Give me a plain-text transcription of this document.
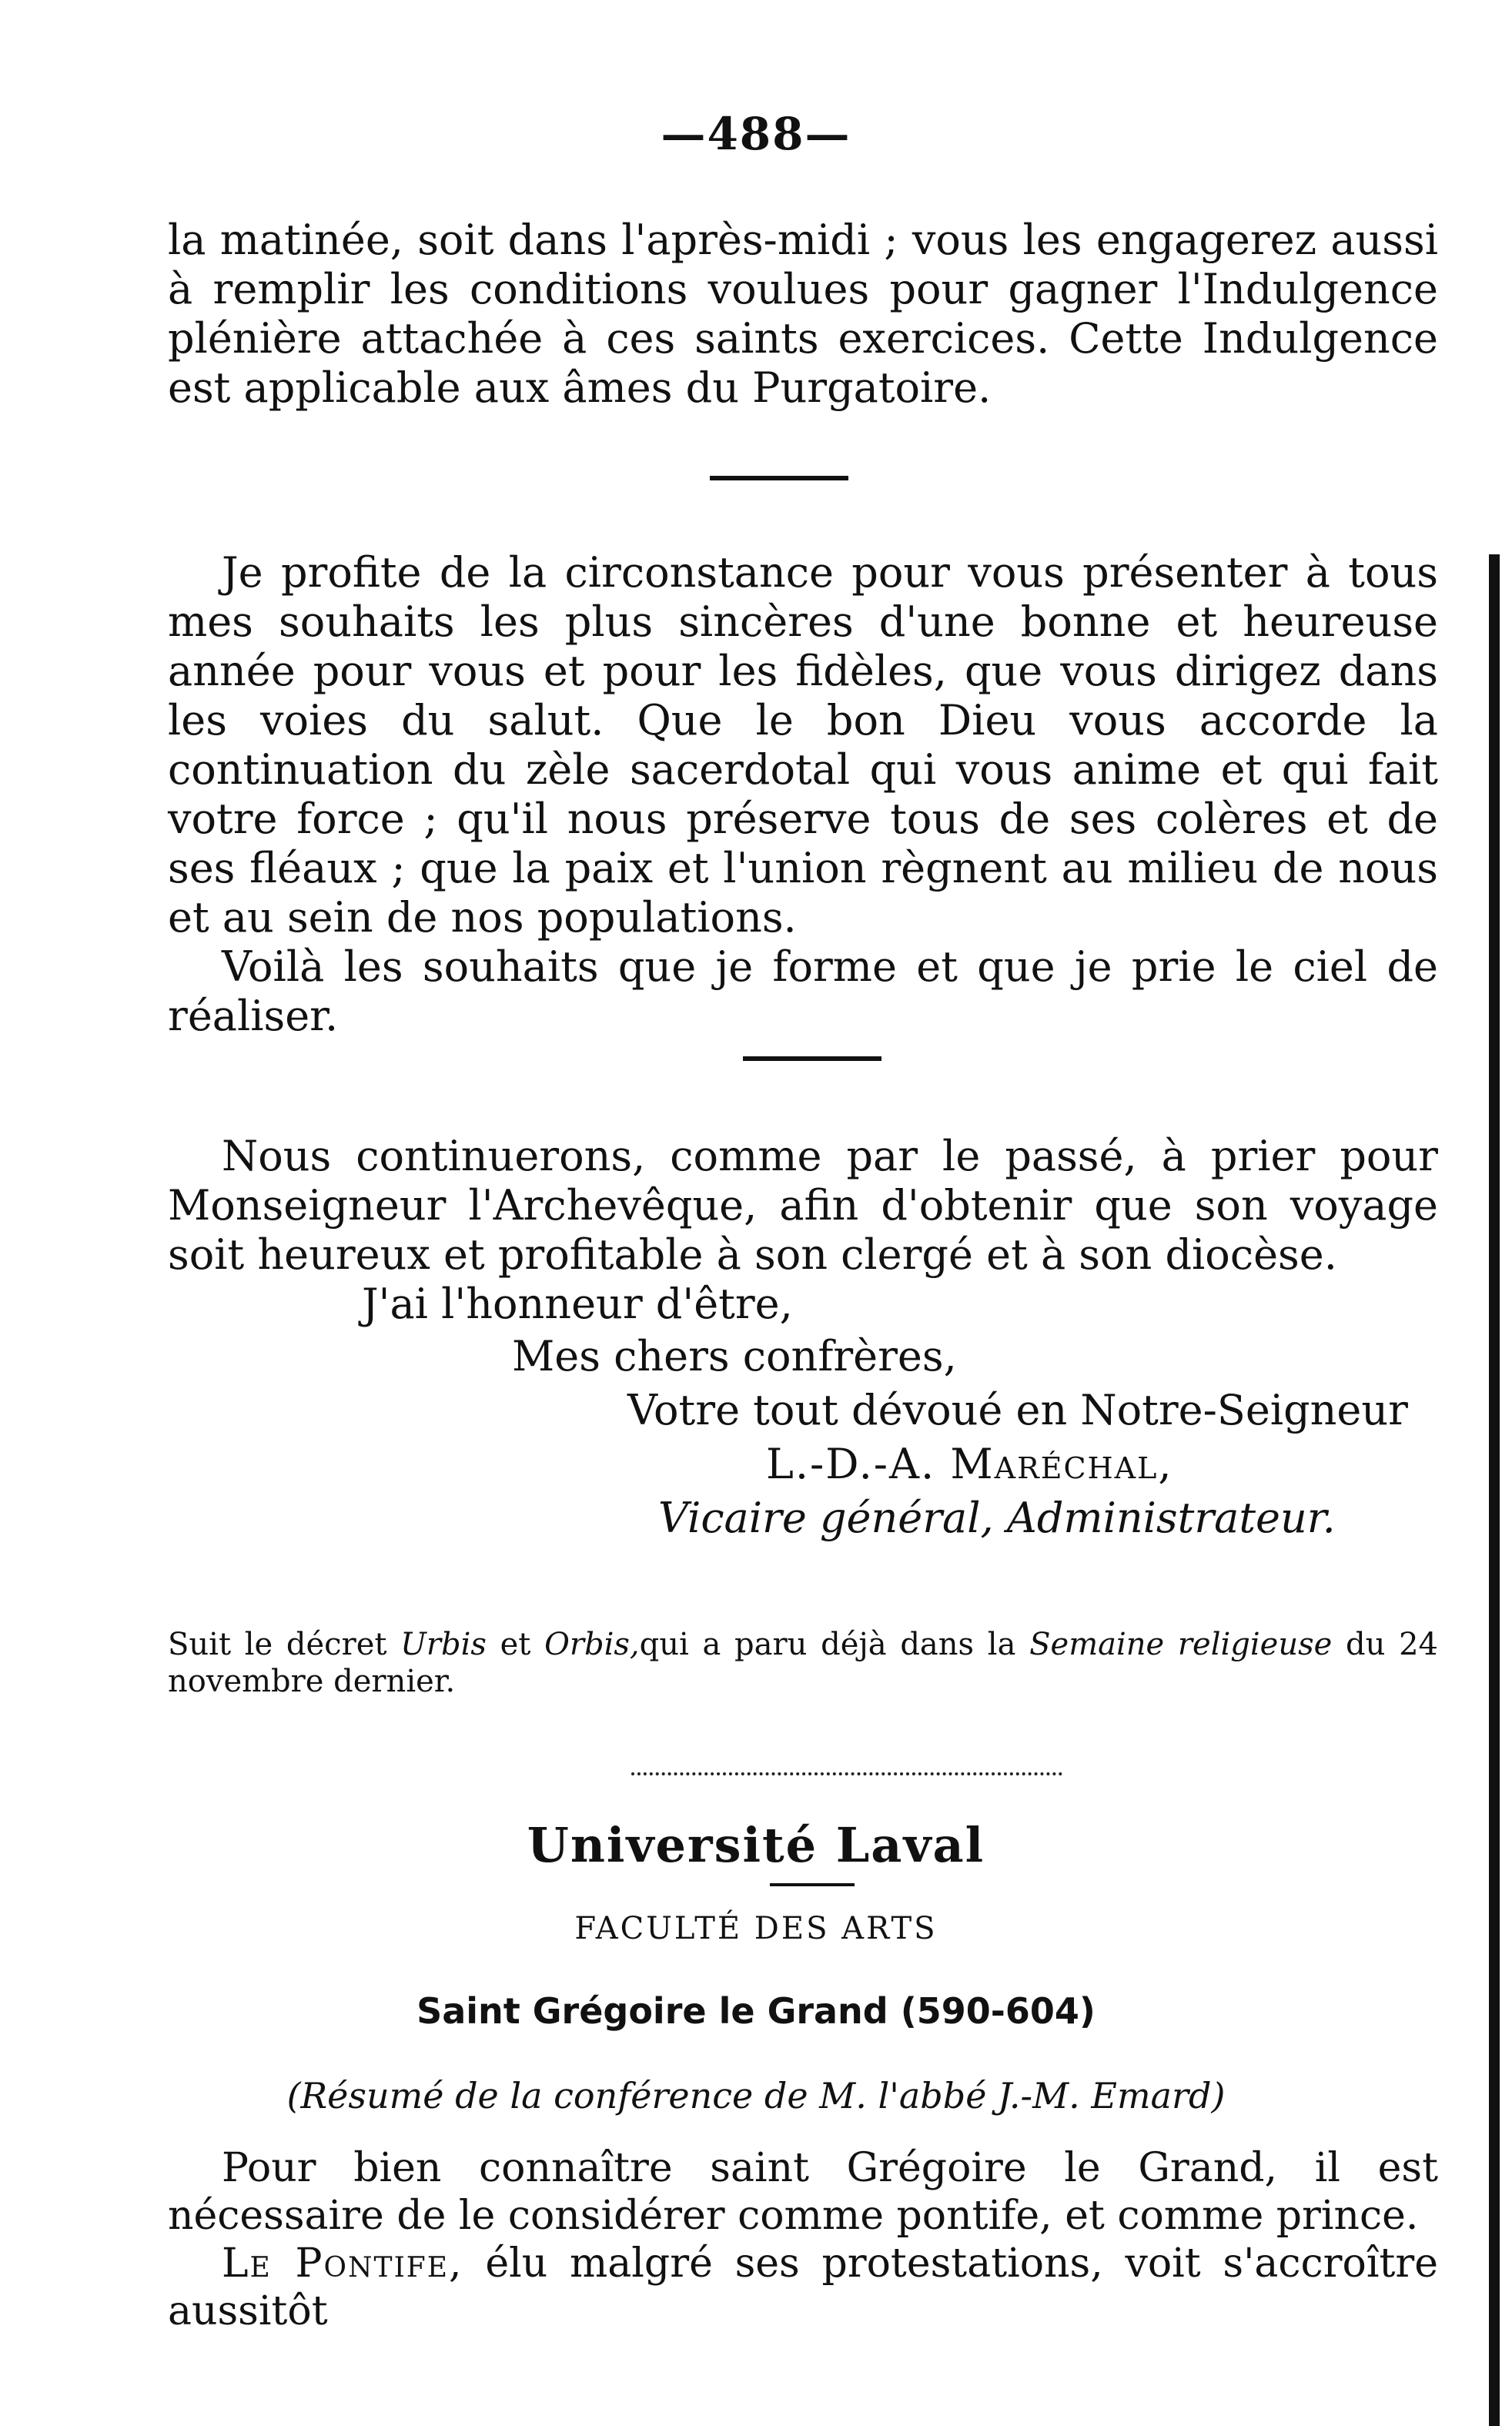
—488—

la matinée, soit dans l'après-midi ; vous les engagerez aussi à remplir les conditions voulues pour gagner l'Indulgence plénière attachée à ces saints exercices. Cette Indulgence est applicable aux âmes du Purgatoire.

Je profite de la circonstance pour vous présenter à tous mes souhaits les plus sincères d'une bonne et heureuse année pour vous et pour les fidèles, que vous dirigez dans les voies du salut. Que le bon Dieu vous accorde la continuation du zèle sacerdotal qui vous anime et qui fait votre force ; qu'il nous préserve tous de ses colères et de ses fléaux ; que la paix et l'union règnent au milieu de nous et au sein de nos populations.

Voilà les souhaits que je forme et que je prie le ciel de réaliser.

Nous continuerons, comme par le passé, à prier pour Monseigneur l'Archevêque, afin d'obtenir que son voyage soit heureux et profitable à son clergé et à son diocèse.

J'ai l'honneur d'être,
Mes chers confrères,
Votre tout dévoué en Notre-Seigneur
L.-D.-A. Maréchal,
Vicaire général, Administrateur.
Suit le décret Urbis et Orbis,qui a paru déjà dans la Semaine religieuse du 24 novembre dernier.
Université Laval
FACULTÉ DES ARTS
Saint Grégoire le Grand (590-604)
(Résumé de la conférence de M. l'abbé J.-M. Emard)

Pour bien connaître saint Grégoire le Grand, il est nécessaire de le considérer comme pontife, et comme prince.

Le Pontife, élu malgré ses protestations, voit s'accroître aussitôt
